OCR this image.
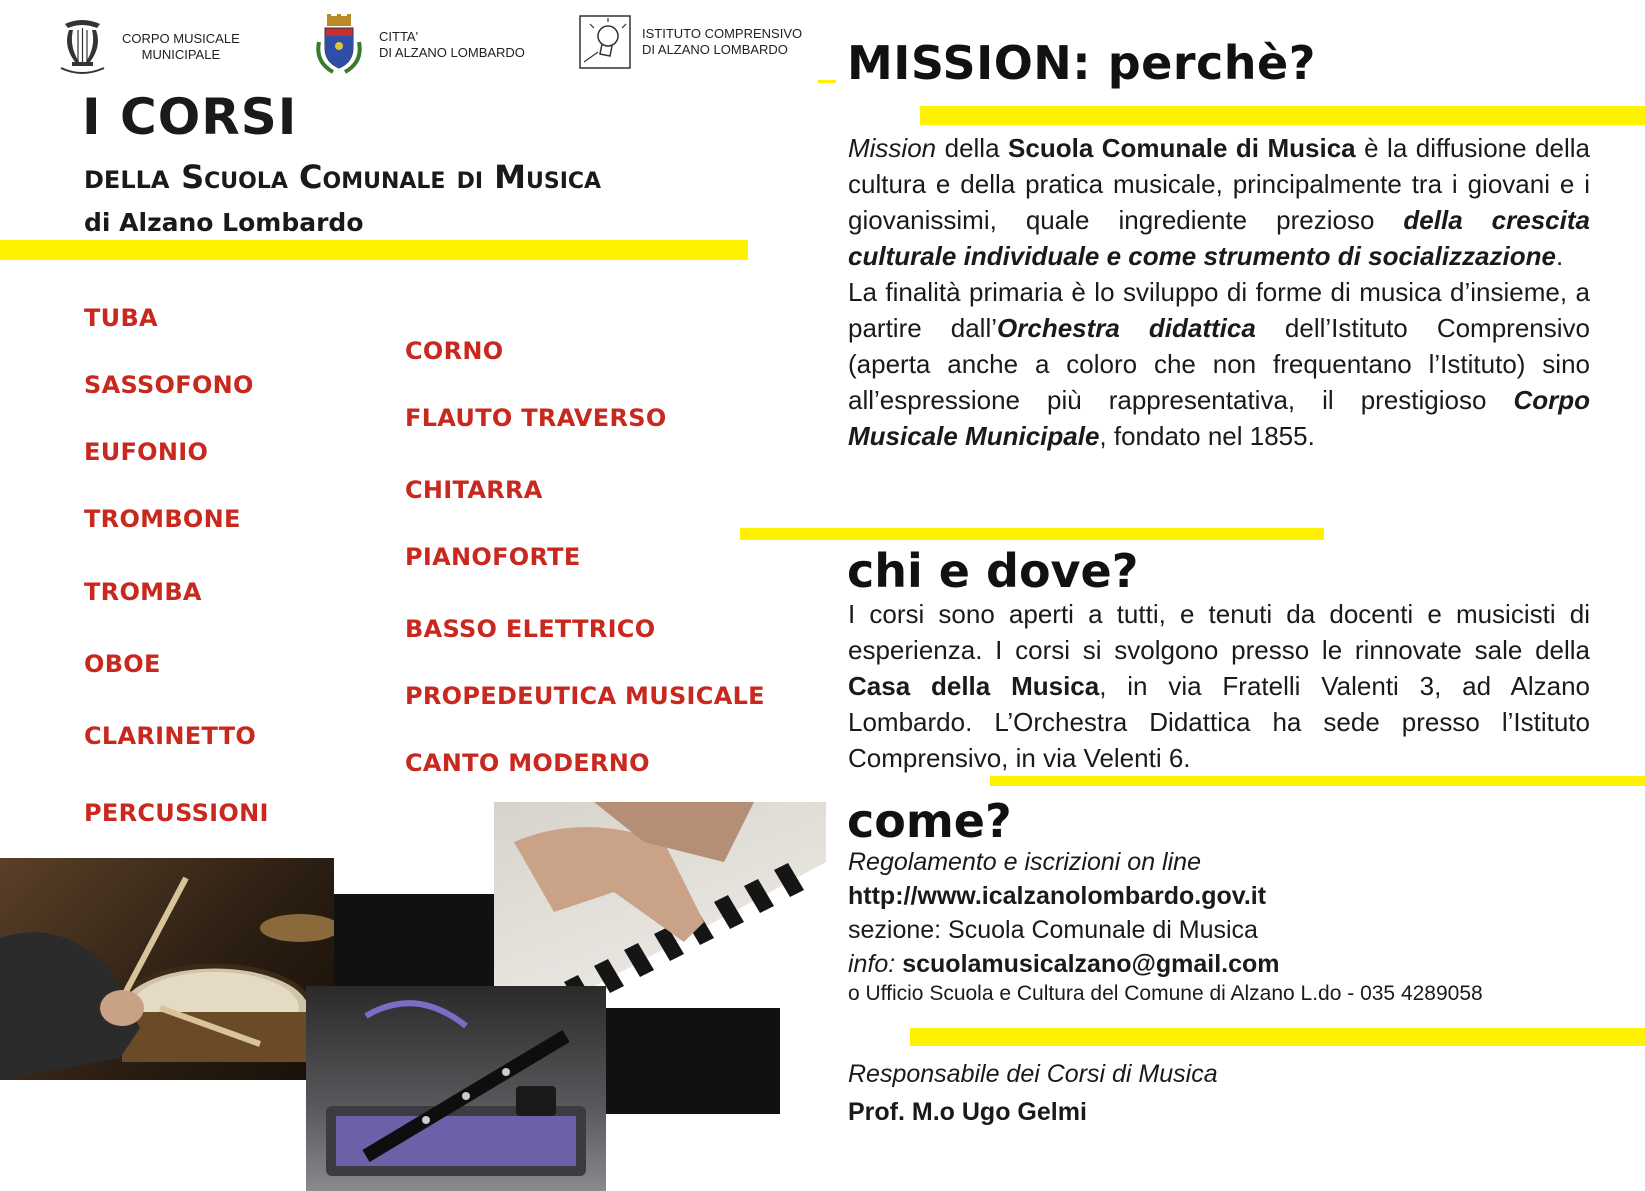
CORPO MUSICALE
MUNICIPALE
CITTA'
DI ALZANO LOMBARDO
ISTITUTO COMPRENSIVO
DI ALZANO LOMBARDO
I CORSI
DELLA Scuola Comunale di Musica
di Alzano Lombardo
TUBA
SASSOFONO
EUFONIO
TROMBONE
TROMBA
OBOE
CLARINETTO
PERCUSSIONI
CORNO
FLAUTO TRAVERSO
CHITARRA
PIANOFORTE
BASSO ELETTRICO
PROPEDEUTICA MUSICALE
CANTO MODERNO
MISSION: perchè?
Mission della Scuola Comunale di Musica è la diffusione della cultura e della pratica musicale, principalmente tra i giovani e i giovanissimi, quale ingrediente prezioso della crescita culturale individuale e come strumento di socializzazione.
La finalità primaria è lo sviluppo di forme di musica d’insieme, a partire dall’Orchestra didattica dell’Istituto Comprensivo (aperta anche a coloro che non frequentano l’Istituto) sino all’espressione più rappresentativa, il prestigioso Corpo Musicale Municipale, fondato nel 1855.
chi e dove?
I corsi sono aperti a tutti, e tenuti da docenti e musicisti di esperienza. I corsi si svolgono presso le rinnovate sale della Casa della Musica, in via Fratelli Valenti 3, ad Alzano Lombardo. L’Orchestra Didattica ha sede presso l’Istituto Comprensivo, in via Velenti 6.
come?
Regolamento e iscrizioni on line
http://www.icalzanolombardo.gov.it
sezione: Scuola Comunale di Musica
info: scuolamusicalzano@gmail.com
o Ufficio Scuola e Cultura del Comune di Alzano L.do - 035 4289058
Responsabile dei Corsi di Musica
Prof. M.o Ugo Gelmi
